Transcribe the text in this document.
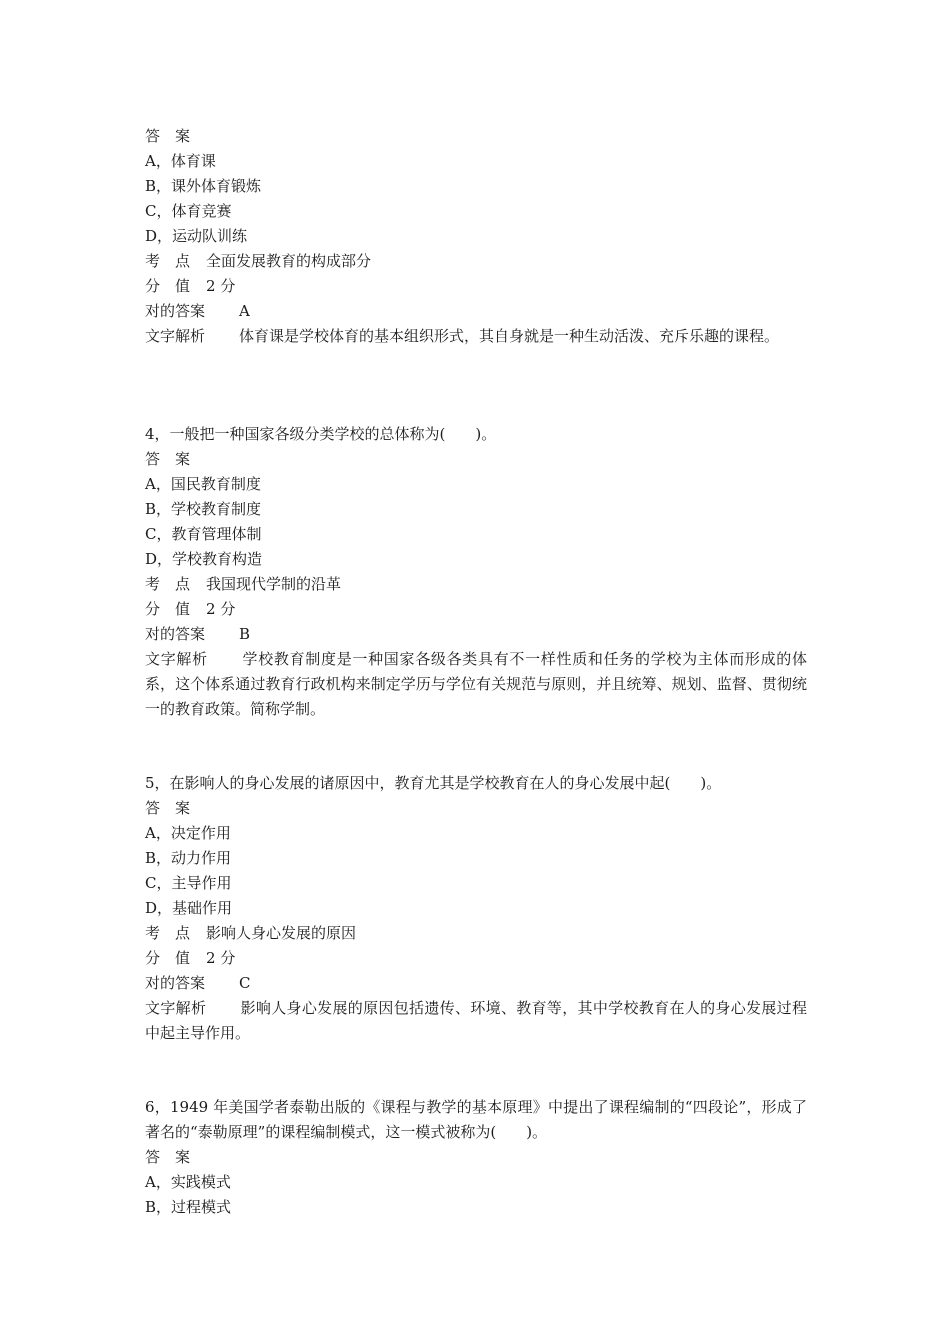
答　案
A，体育课
B，课外体育锻炼
C，体育竞赛
D，运动队训练
考　点 全面发展教育的构成部分
分　值 2 分
对的答案 A
文字解析 体育课是学校体育的基本组织形式，其自身就是一种生动活泼、充斥乐趣的课程。
4，一般把一种国家各级分类学校的总体称为(　　)。
答　案
A，国民教育制度
B，学校教育制度
C，教育管理体制
D，学校教育构造
考　点 我国现代学制的沿革
分　值 2 分
对的答案 B
文字解析 学校教育制度是一种国家各级各类具有不一样性质和任务的学校为主体而形成的体系，这个体系通过教育行政机构来制定学历与学位有关规范与原则，并且统筹、规划、监督、贯彻统一的教育政策。简称学制。
5，在影响人的身心发展的诸原因中，教育尤其是学校教育在人的身心发展中起(　　)。
答　案
A，决定作用
B，动力作用
C，主导作用
D，基础作用
考　点 影响人身心发展的原因
分　值 2 分
对的答案 C
文字解析 影响人身心发展的原因包括遗传、环境、教育等，其中学校教育在人的身心发展过程中起主导作用。
6，1949 年美国学者泰勒出版的《课程与教学的基本原理》中提出了课程编制的“四段论”，形成了著名的“泰勒原理”的课程编制模式，这一模式被称为(　　)。
答　案
A，实践模式
B，过程模式
